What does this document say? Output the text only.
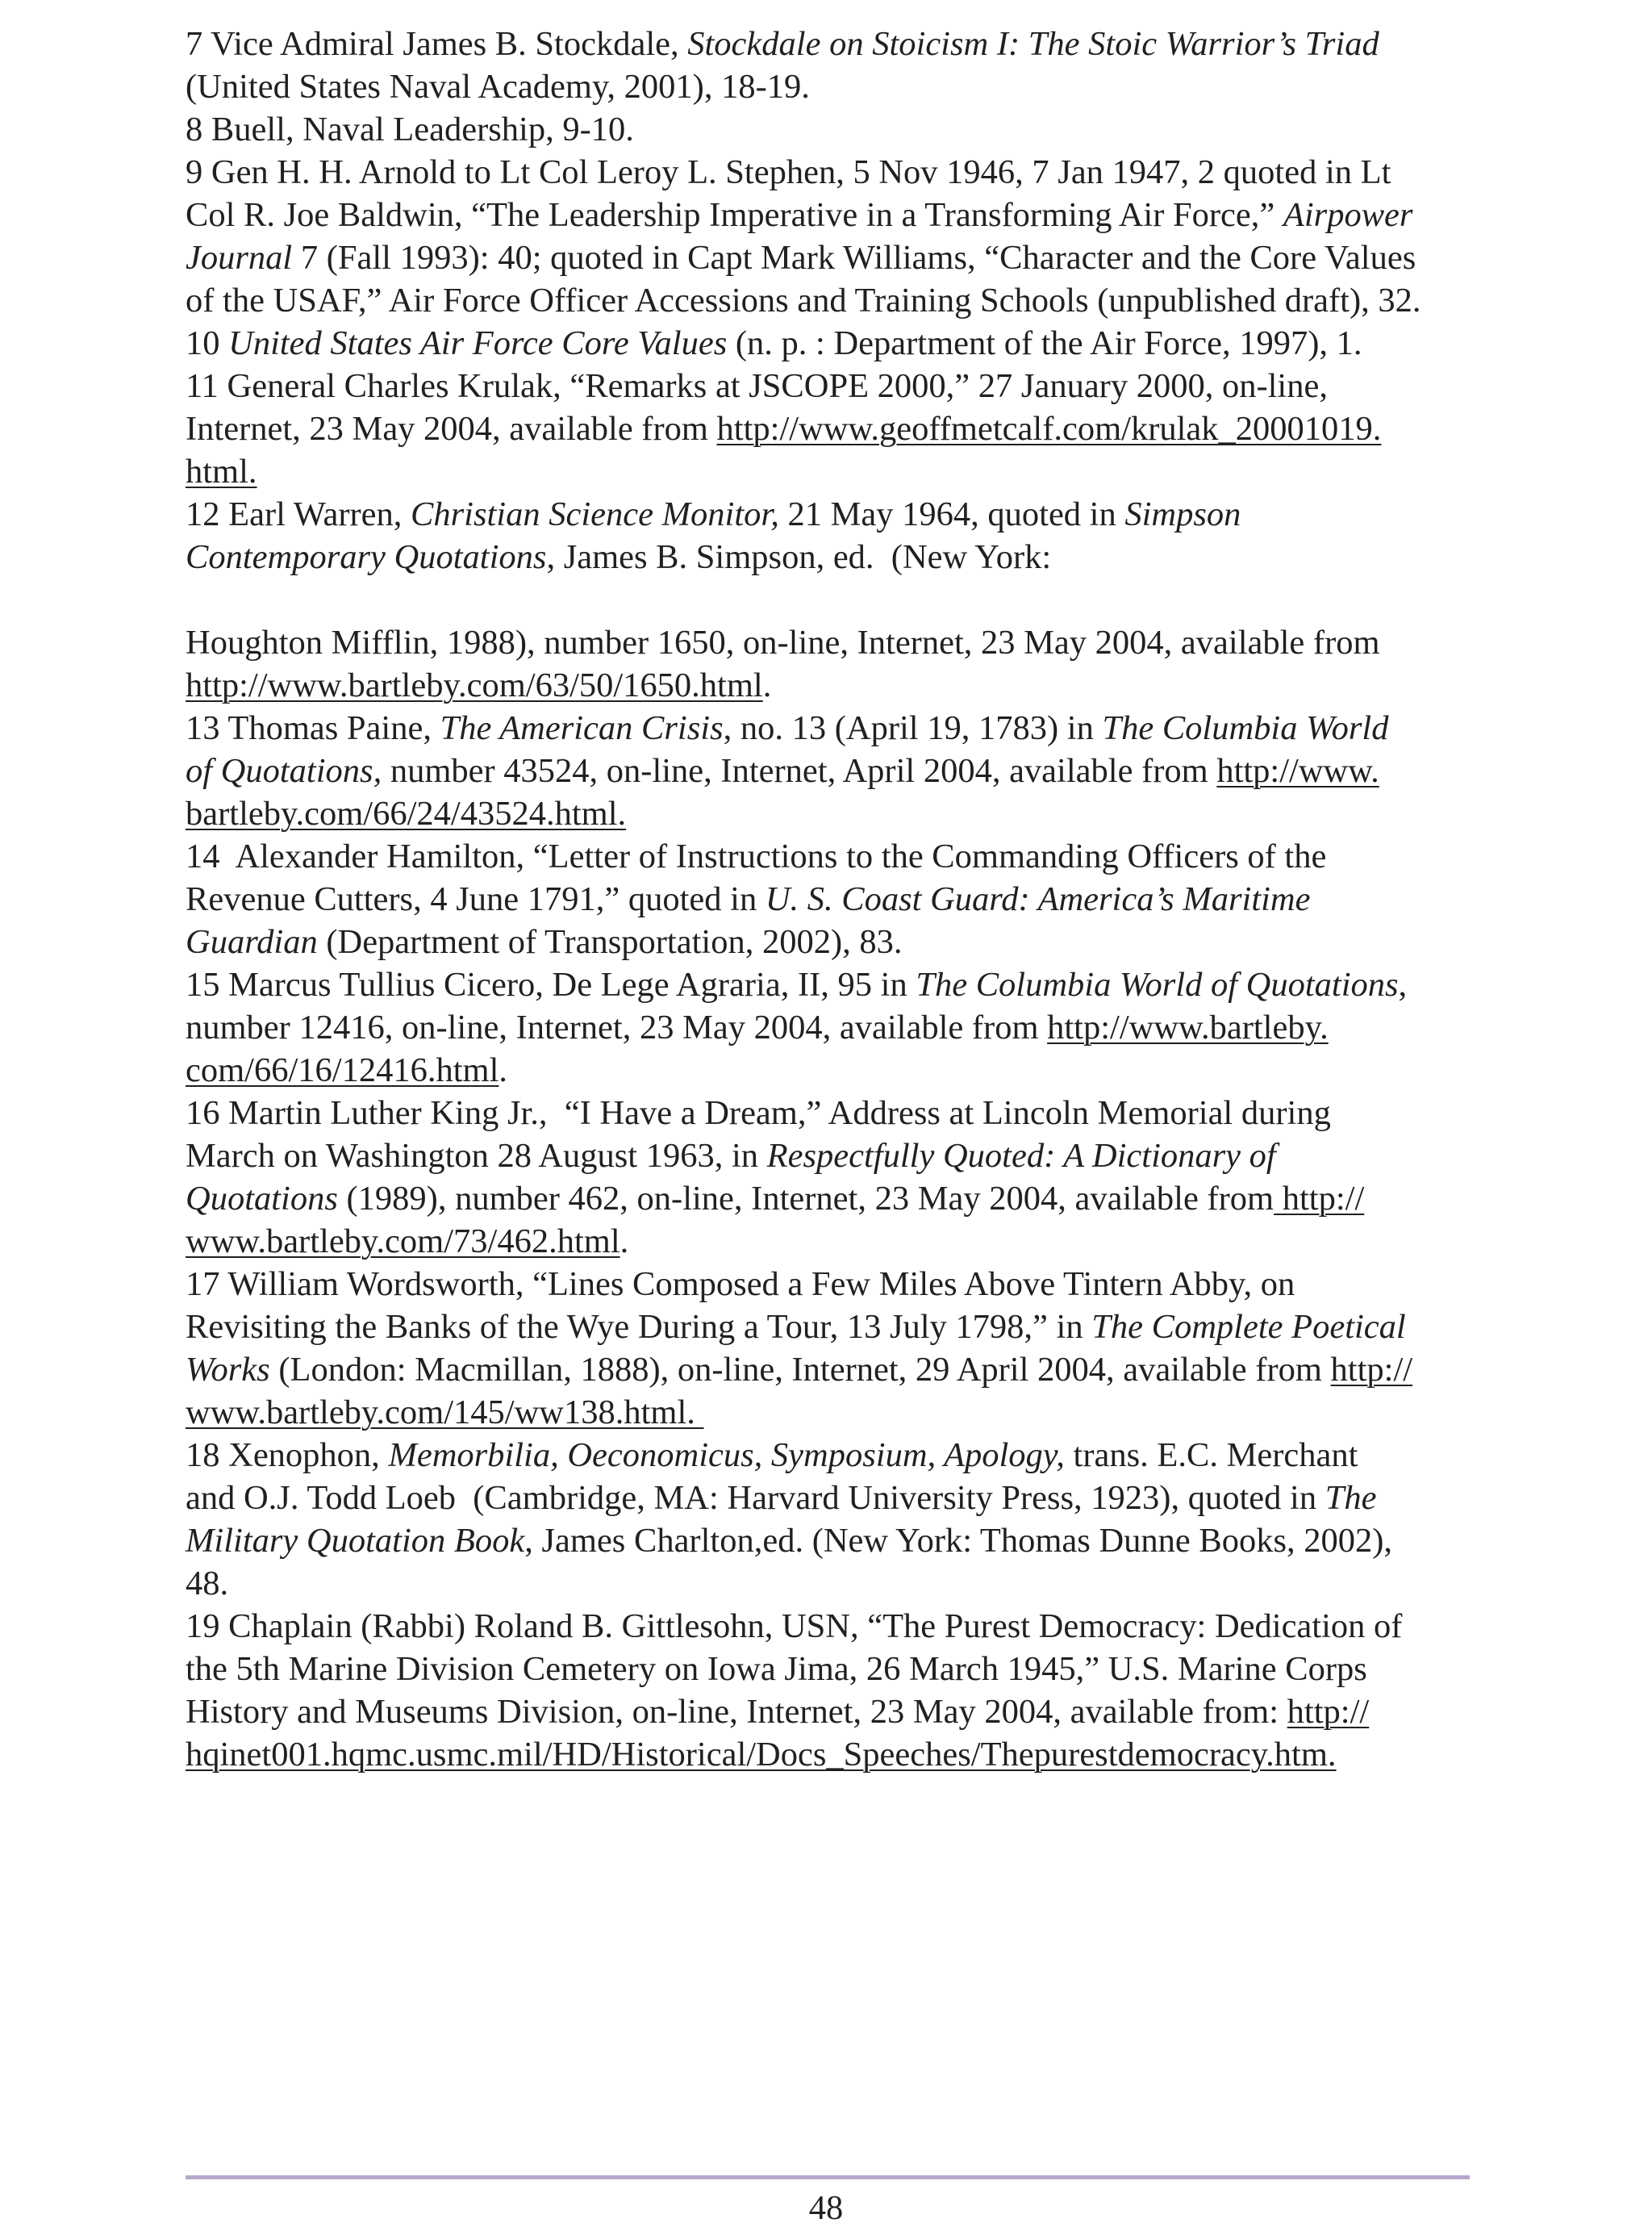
7 Vice Admiral James B. Stockdale, Stockdale on Stoicism I: The Stoic Warrior’s Triad
(United States Naval Academy, 2001), 18-19.
8 Buell, Naval Leadership, 9-10.
9 Gen H. H. Arnold to Lt Col Leroy L. Stephen, 5 Nov 1946, 7 Jan 1947, 2 quoted in Lt
Col R. Joe Baldwin, “The Leadership Imperative in a Transforming Air Force,” Airpower
Journal 7 (Fall 1993): 40; quoted in Capt Mark Williams, “Character and the Core Values
of the USAF,” Air Force Officer Accessions and Training Schools (unpublished draft), 32.
10 United States Air Force Core Values (n. p. : Department of the Air Force, 1997), 1.
11 General Charles Krulak, “Remarks at JSCOPE 2000,” 27 January 2000, on-line,
Internet, 23 May 2004, available from http://www.geoffmetcalf.com/krulak_20001019.
html.
12 Earl Warren, Christian Science Monitor, 21 May 1964, quoted in Simpson
Contemporary Quotations, James B. Simpson, ed.  (New York:
Houghton Mifflin, 1988), number 1650, on-line, Internet, 23 May 2004, available from
http://www.bartleby.com/63/50/1650.html.
13 Thomas Paine, The American Crisis, no. 13 (April 19, 1783) in The Columbia World
of Quotations, number 43524, on-line, Internet, April 2004, available from http://www.
bartleby.com/66/24/43524.html.
14  Alexander Hamilton, “Letter of Instructions to the Commanding Officers of the
Revenue Cutters, 4 June 1791,” quoted in U. S. Coast Guard: America’s Maritime
Guardian (Department of Transportation, 2002), 83.
15 Marcus Tullius Cicero, De Lege Agraria, II, 95 in The Columbia World of Quotations,
number 12416, on-line, Internet, 23 May 2004, available from http://www.bartleby.
com/66/16/12416.html.
16 Martin Luther King Jr.,  “I Have a Dream,” Address at Lincoln Memorial during
March on Washington 28 August 1963, in Respectfully Quoted: A Dictionary of
Quotations (1989), number 462, on-line, Internet, 23 May 2004, available from http://
www.bartleby.com/73/462.html.
17 William Wordsworth, “Lines Composed a Few Miles Above Tintern Abby, on
Revisiting the Banks of the Wye During a Tour, 13 July 1798,” in The Complete Poetical
Works (London: Macmillan, 1888), on-line, Internet, 29 April 2004, available from http://
www.bartleby.com/145/ww138.html.
18 Xenophon, Memorbilia, Oeconomicus, Symposium, Apology, trans. E.C. Merchant
and O.J. Todd Loeb  (Cambridge, MA: Harvard University Press, 1923), quoted in The
Military Quotation Book, James Charlton,ed. (New York: Thomas Dunne Books, 2002),
48.
19 Chaplain (Rabbi) Roland B. Gittlesohn, USN, “The Purest Democracy: Dedication of
the 5th Marine Division Cemetery on Iowa Jima, 26 March 1945,” U.S. Marine Corps
History and Museums Division, on-line, Internet, 23 May 2004, available from: http://
hqinet001.hqmc.usmc.mil/HD/Historical/Docs_Speeches/Thepurestdemocracy.htm.
48
